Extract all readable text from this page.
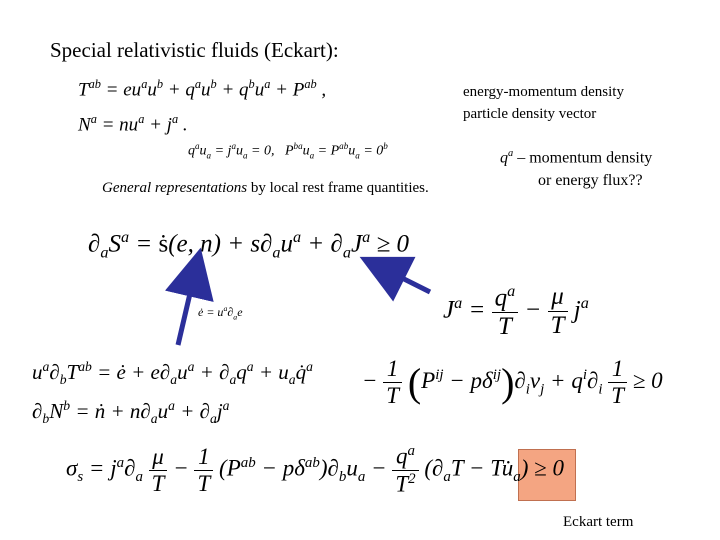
Special relativistic fluids (Eckart):
$T^{ab} = eu^au^b + q^au^b + q^bu^a + P^{ab}$ ,
$N^a = nu^a + j^a$ .
$q^au_a = j^au_a = 0$,   $P^{ba}u_a = P^{ab}u_a = 0^b$
energy-momentum density
particle density vector
$q^a$ – momentum density
or energy flux??
General representations by local rest frame quantities.
$\partial_aS^a$ = ṡ(e, $n) + s\partial_au^a + \partial_aJ^a \ge 0$
ė = $u^a\partial_ae$	$J^a = \frac{q^a}{T} - \frac{\mu}{T} j^a$
$u^a\partial_bT^{ab}$ = ė + $e\partial_au^a + \partial_aq^a$ + $u_aq̇^a$
$\partial_bN^b$ = ṅ + $n\partial_au^a + \partial_aj^a$
− $\frac{1}{T} (P^{ij} - p\delta^{ij})\partial_iv_j + q^i\partial_i \frac{1}{T} \ge 0$
$\sigma_s = j^a\partial_a \frac{\mu}{T} - \frac{1}{T} (P^{ab} - p\delta^{ab})\partial_bu_a - \frac{q^a}{T^2} (\partial_aT$ − $Tu̇_a) \ge 0$
Eckart term
